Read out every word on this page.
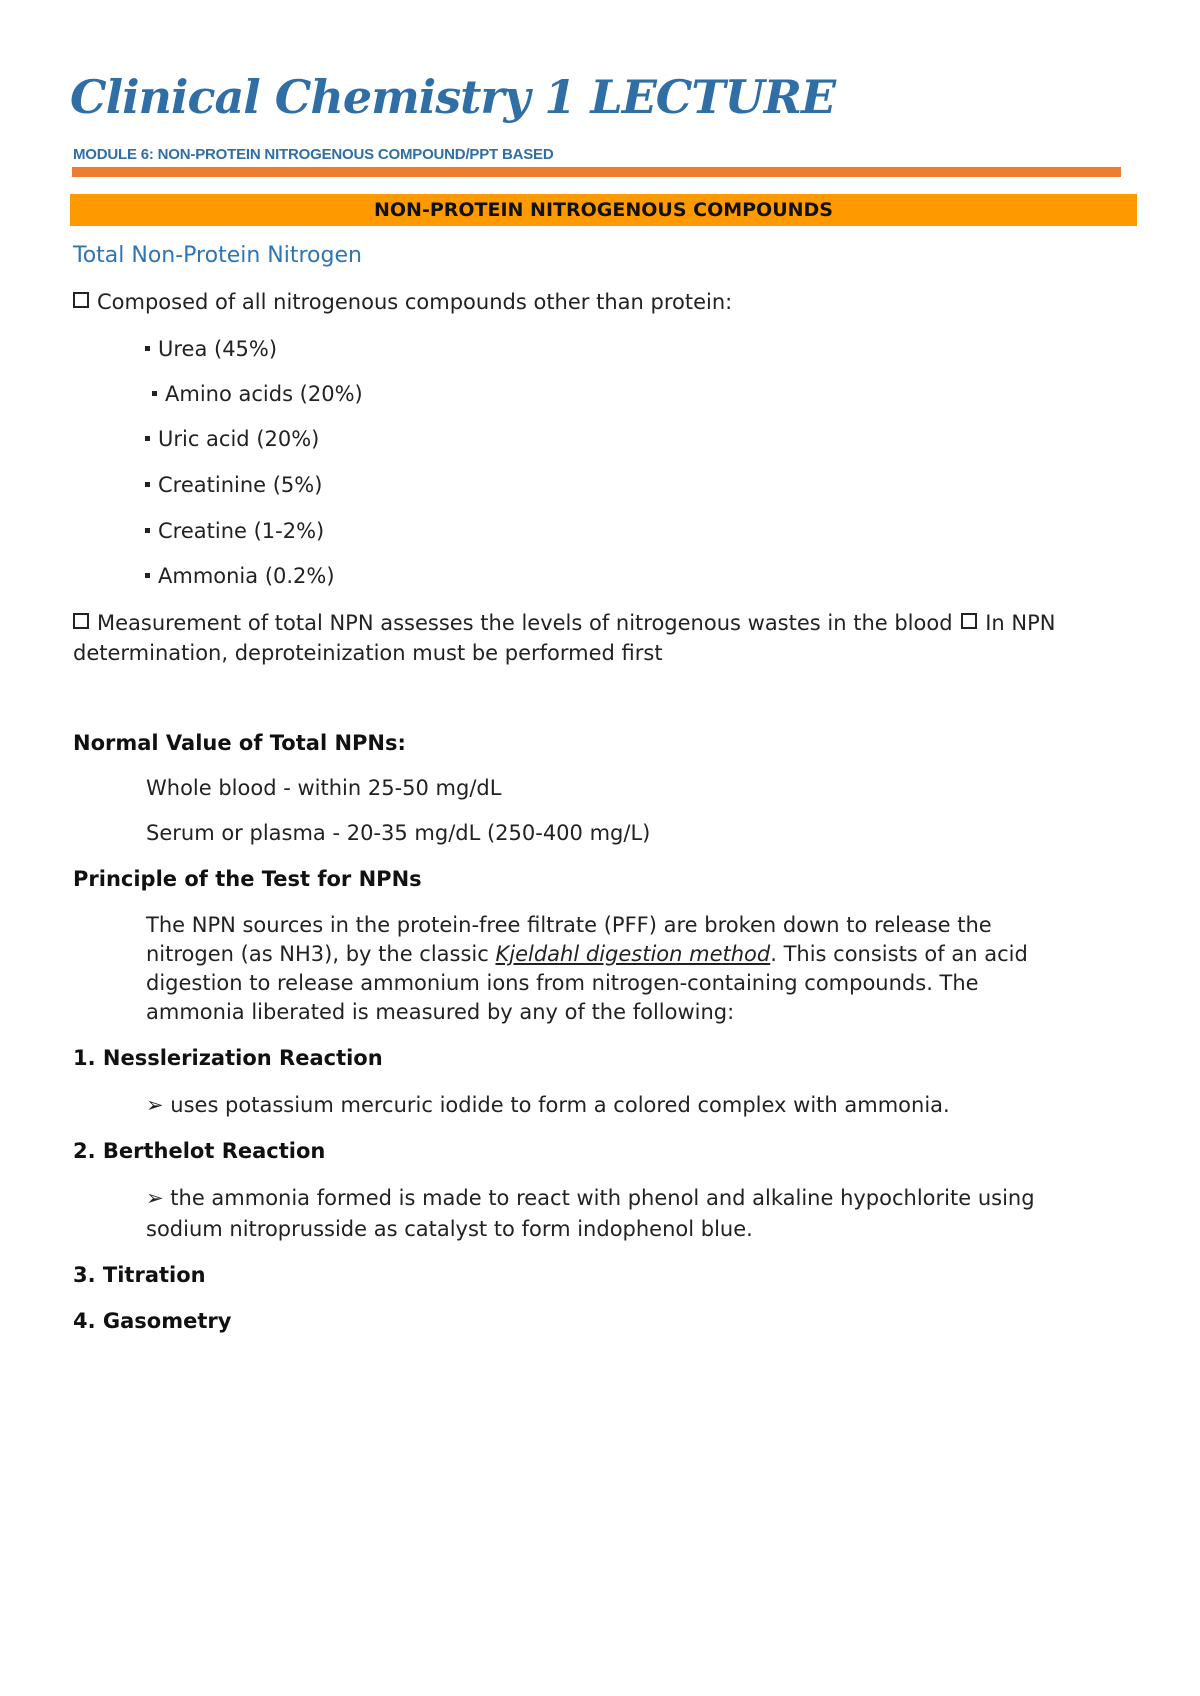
Clinical Chemistry 1 LECTURE
MODULE 6: NON-PROTEIN NITROGENOUS COMPOUND/PPT BASED
NON-PROTEIN NITROGENOUS COMPOUNDS
Total Non-Protein Nitrogen
Composed of all nitrogenous compounds other than protein:
Urea (45%)
Amino acids (20%)
Uric acid (20%)
Creatinine (5%)
Creatine (1-2%)
Ammonia (0.2%)
Measurement of total NPN assesses the levels of nitrogenous wastes in the blood In NPN
determination, deproteinization must be performed first
Normal Value of Total NPNs:
Whole blood - within 25-50 mg/dL
Serum or plasma - 20-35 mg/dL (250-400 mg/L)
Principle of the Test for NPNs
The NPN sources in the protein-free filtrate (PFF) are broken down to release the
nitrogen (as NH3), by the classic Kjeldahl digestion method. This consists of an acid
digestion to release ammonium ions from nitrogen-containing compounds. The
ammonia liberated is measured by any of the following:
1. Nesslerization Reaction
➢ uses potassium mercuric iodide to form a colored complex with ammonia.
2. Berthelot Reaction
➢ the ammonia formed is made to react with phenol and alkaline hypochlorite using
sodium nitroprusside as catalyst to form indophenol blue.
3. Titration
4. Gasometry
